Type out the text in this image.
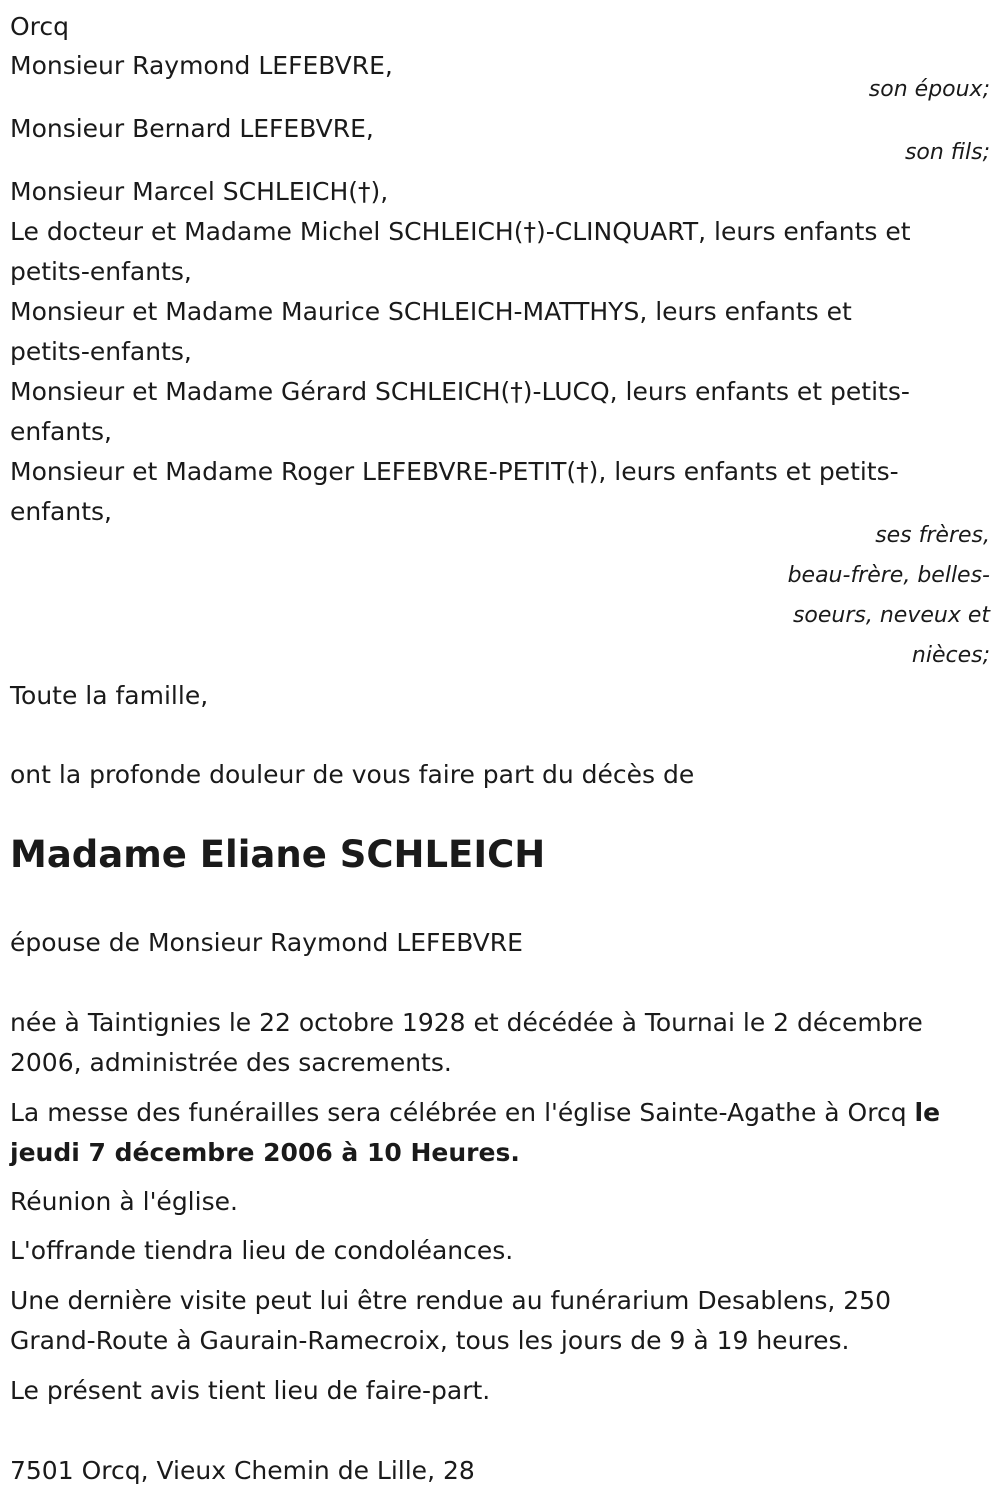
Orcq

Monsieur Raymond LEFEBVRE,

son époux;

Monsieur Bernard LEFEBVRE,

son fils;

Monsieur Marcel SCHLEICH(†),

Le docteur et Madame Michel SCHLEICH(†)-CLINQUART, leurs enfants et petits-enfants,

Monsieur et Madame Maurice SCHLEICH-MATTHYS, leurs enfants et petits-enfants,

Monsieur et Madame Gérard SCHLEICH(†)-LUCQ, leurs enfants et petits-enfants,

Monsieur et Madame Roger LEFEBVRE-PETIT(†), leurs enfants et petits-enfants,

ses frères,

beau-frère, belles-

soeurs, neveux et

nièces;

Toute la famille,

ont la profonde douleur de vous faire part du décès de

Madame Eliane SCHLEICH

épouse de Monsieur Raymond LEFEBVRE

née à Taintignies le 22 octobre 1928 et décédée à Tournai le 2 décembre 2006, administrée des sacrements.

La messe des funérailles sera célébrée en l'église Sainte-Agathe à Orcq le jeudi 7 décembre 2006 à 10 Heures.

Réunion à l'église.

L'offrande tiendra lieu de condoléances.

Une dernière visite peut lui être rendue au funérarium Desablens, 250 Grand-Route à Gaurain-Ramecroix, tous les jours de 9 à 19 heures.

Le présent avis tient lieu de faire-part.

7501 Orcq, Vieux Chemin de Lille, 28
